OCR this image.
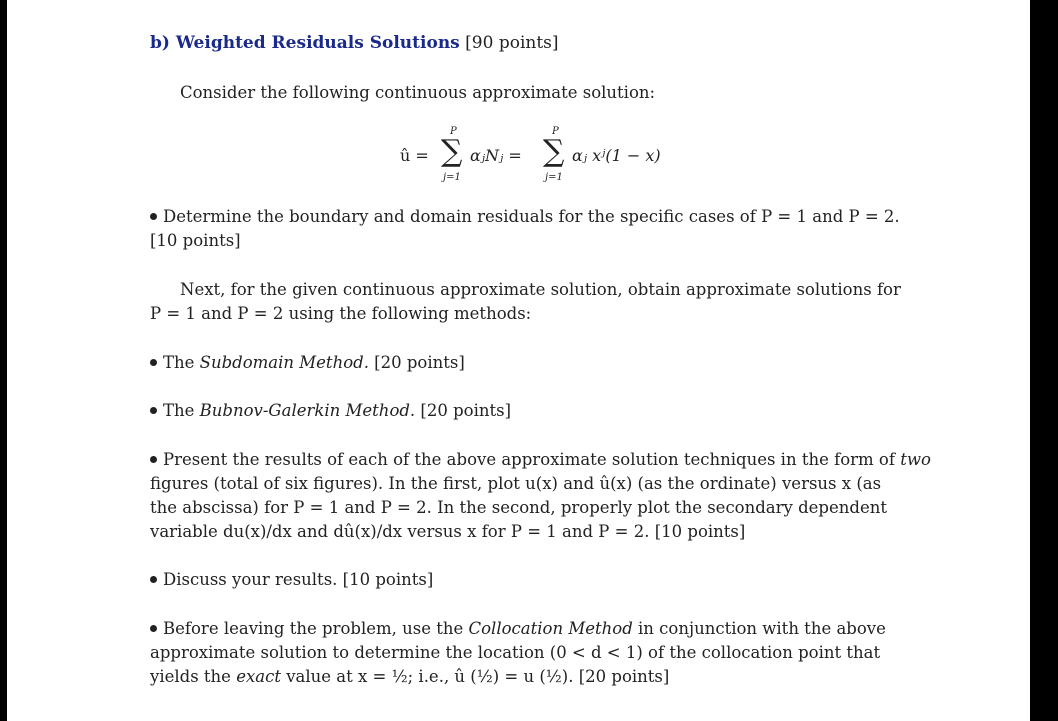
b) Weighted Residuals Solutions [90 points]
Consider the following continuous approximate solution:
û =
P
∑
j=1
αⱼNⱼ =
P
∑
j=1
αⱼ xʲ(1 − x)
Determine the boundary and domain residuals for the specific cases of P = 1 and P = 2.
[10 points]
Next, for the given continuous approximate solution, obtain approximate solutions for
P = 1 and P = 2 using the following methods:
The Subdomain Method. [20 points]
The Bubnov-Galerkin Method. [20 points]
Present the results of each of the above approximate solution techniques in the form of two
figures (total of six figures). In the first, plot u(x) and û(x) (as the ordinate) versus x (as
the abscissa) for P = 1 and P = 2. In the second, properly plot the secondary dependent
variable du(x)/dx and dû(x)/dx versus x for P = 1 and P = 2. [10 points]
Discuss your results. [10 points]
Before leaving the problem, use the Collocation Method in conjunction with the above
approximate solution to determine the location (0 < d < 1) of the collocation point that
yields the exact value at x = ½; i.e., û (½) = u (½). [20 points]
